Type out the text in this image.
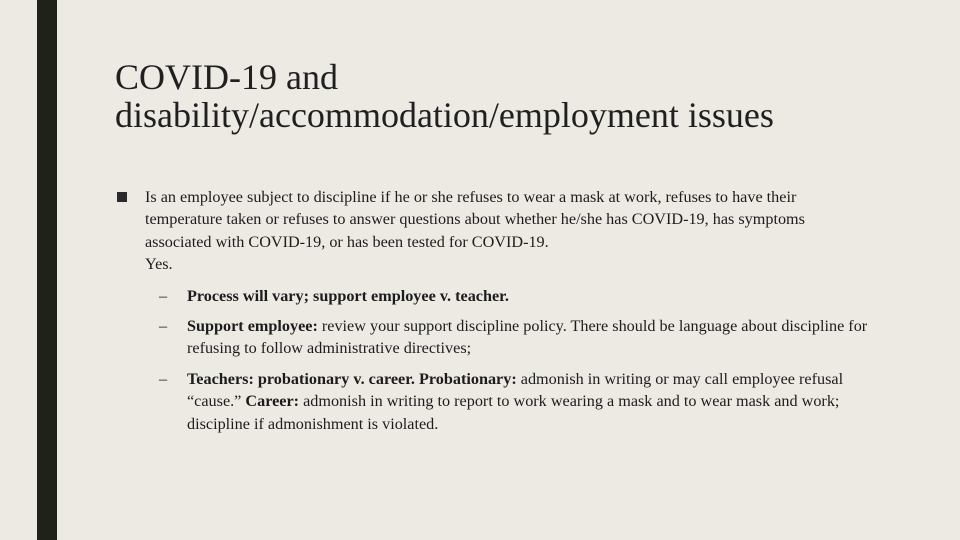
COVID-19 and
disability/accommodation/employment issues

Is an employee subject to discipline if he or she refuses to wear a mask at work, refuses to have their temperature taken or refuses to answer questions about whether he/she has COVID-19, has symptoms associated with COVID-19, or has been tested for COVID-19.
Yes.

–	Process will vary; support employee v. teacher.
–	Support employee: review your support discipline policy. There should be language about discipline for refusing to follow administrative directives;
–	Teachers: probationary v. career. Probationary: admonish in writing or may call employee refusal “cause.” Career: admonish in writing to report to work wearing a mask and to wear mask and work; discipline if admonishment is violated.
